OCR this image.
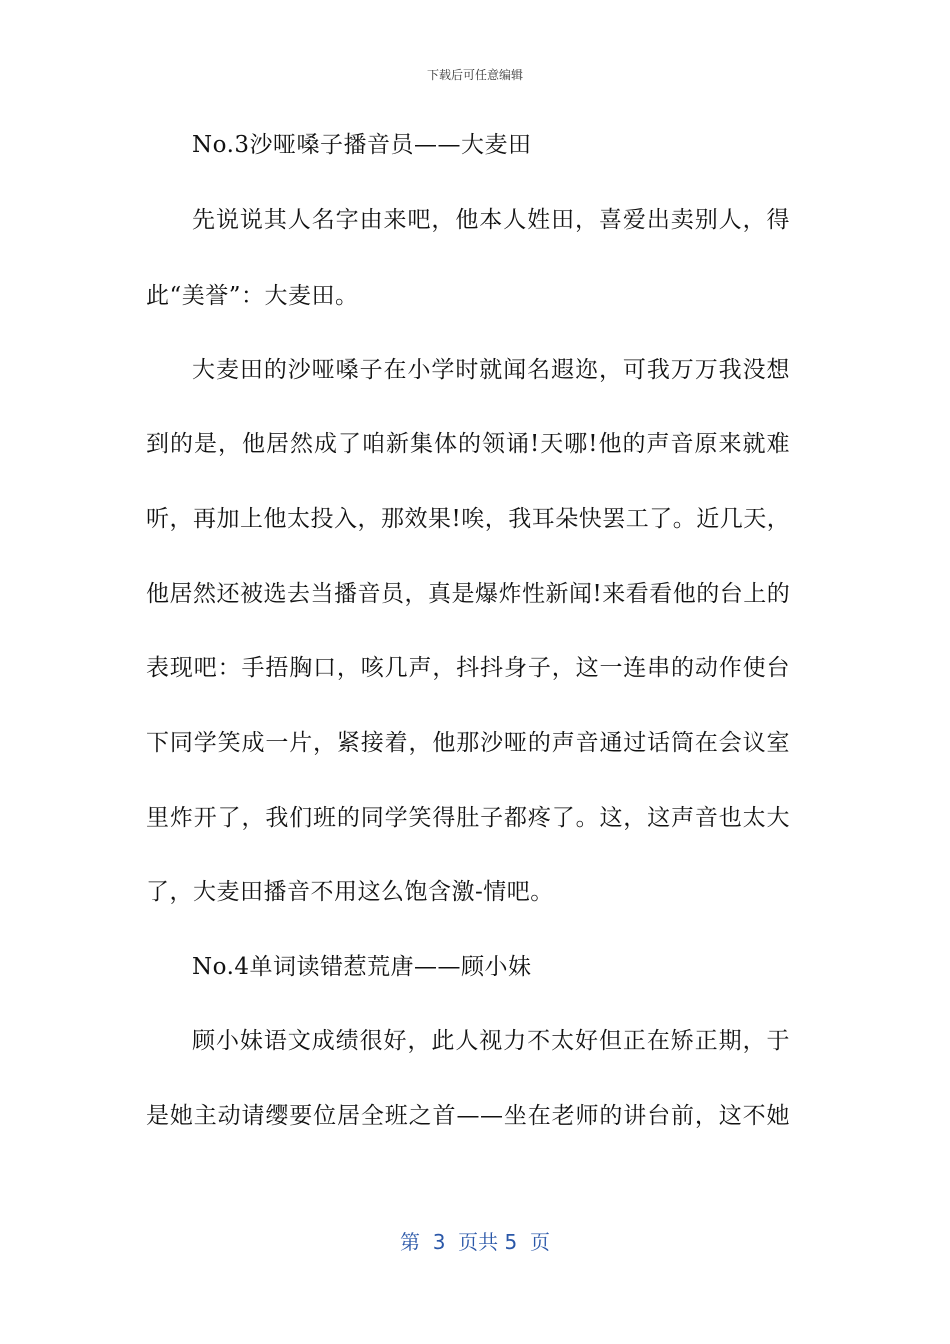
下载后可任意编辑
No.3沙哑嗓子播音员——大麦田
先说说其人名字由来吧，他本人姓田，喜爱出卖别人，得
此“美誉”：大麦田。
大麦田的沙哑嗓子在小学时就闻名遐迩，可我万万我没想
到的是，他居然成了咱新集体的领诵!天哪!他的声音原来就难
听，再加上他太投入，那效果!唉，我耳朵快罢工了。近几天，
他居然还被选去当播音员，真是爆炸性新闻!来看看他的台上的
表现吧：手捂胸口，咳几声，抖抖身子，这一连串的动作使台
下同学笑成一片，紧接着，他那沙哑的声音通过话筒在会议室
里炸开了，我们班的同学笑得肚子都疼了。这，这声音也太大
了，大麦田播音不用这么饱含激-情吧。
No.4单词读错惹荒唐——顾小妹
顾小妹语文成绩很好，此人视力不太好但正在矫正期，于
是她主动请缨要位居全班之首——坐在老师的讲台前，这不她
第  3  页共 5  页
